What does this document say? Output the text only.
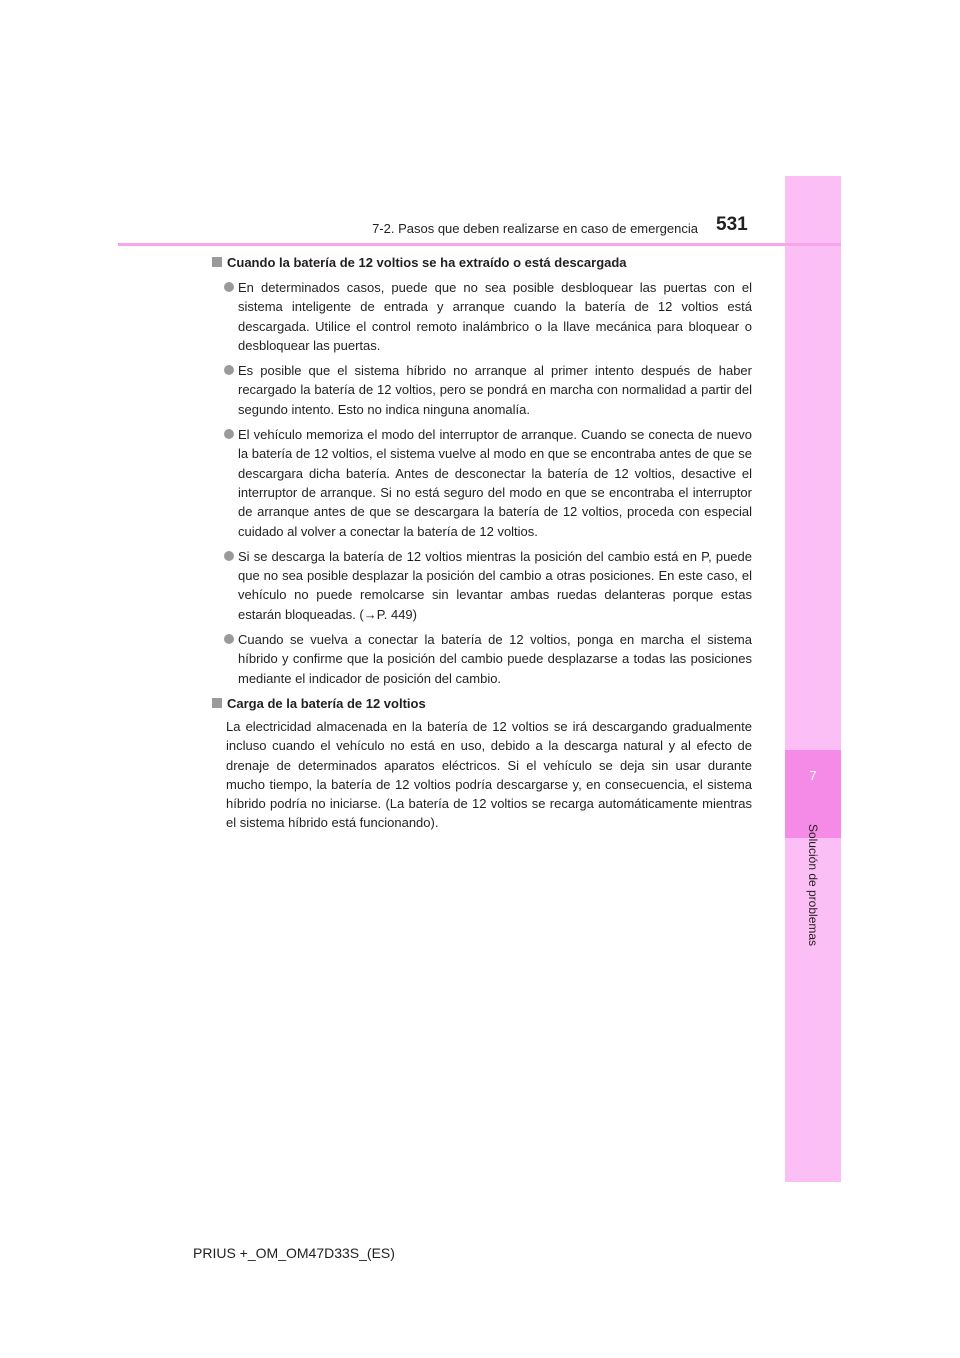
7
Solución de problemas
7-2. Pasos que deben realizarse en caso de emergencia 531
Cuando la batería de 12 voltios se ha extraído o está descargada
En determinados casos, puede que no sea posible desbloquear las puertas con el sistema inteligente de entrada y arranque cuando la batería de 12 voltios está descargada. Utilice el control remoto inalámbrico o la llave mecánica para bloquear o desbloquear las puertas.
Es posible que el sistema híbrido no arranque al primer intento después de haber recargado la batería de 12 voltios, pero se pondrá en marcha con normalidad a partir del segundo intento. Esto no indica ninguna anomalía.
El vehículo memoriza el modo del interruptor de arranque. Cuando se conecta de nuevo la batería de 12 voltios, el sistema vuelve al modo en que se encontraba antes de que se descargara dicha batería. Antes de desconectar la batería de 12 voltios, desactive el interruptor de arranque. Si no está seguro del modo en que se encontraba el interruptor de arranque antes de que se descargara la batería de 12 voltios, proceda con especial cuidado al volver a conectar la batería de 12 voltios.
Si se descarga la batería de 12 voltios mientras la posición del cambio está en P, puede que no sea posible desplazar la posición del cambio a otras posiciones. En este caso, el vehículo no puede remolcarse sin levantar ambas ruedas delanteras porque estas estarán bloqueadas. (→P. 449)
Cuando se vuelva a conectar la batería de 12 voltios, ponga en marcha el sistema híbrido y confirme que la posición del cambio puede desplazarse a todas las posiciones mediante el indicador de posición del cambio.
Carga de la batería de 12 voltios
La electricidad almacenada en la batería de 12 voltios se irá descargando gradualmente incluso cuando el vehículo no está en uso, debido a la descarga natural y al efecto de drenaje de determinados aparatos eléctricos. Si el vehículo se deja sin usar durante mucho tiempo, la batería de 12 voltios podría descargarse y, en consecuencia, el sistema híbrido podría no iniciarse. (La batería de 12 voltios se recarga automáticamente mientras el sistema híbrido está funcionando).
PRIUS +_OM_OM47D33S_(ES)
